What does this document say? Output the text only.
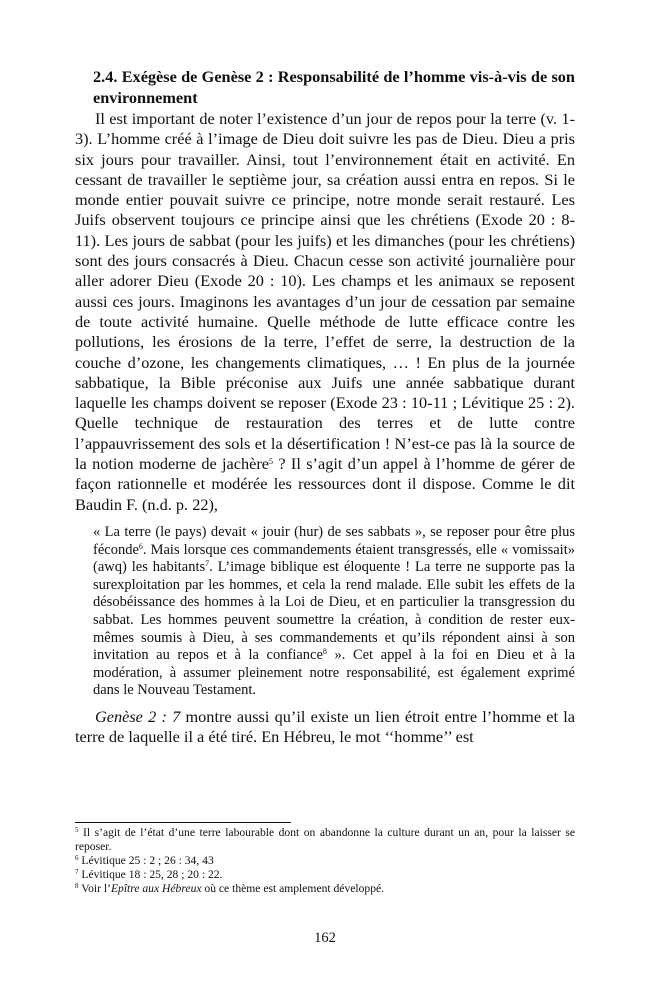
2.4. Exégèse de Genèse 2 : Responsabilité de l’homme vis-à-vis de son environnement

Il est important de noter l’existence d’un jour de repos pour la terre (v. 1-3). L’homme créé à l’image de Dieu doit suivre les pas de Dieu. Dieu a pris six jours pour travailler. Ainsi, tout l’environnement était en activité. En cessant de travailler le septième jour, sa création aussi entra en repos. Si le monde entier pouvait suivre ce principe, notre monde serait restauré. Les Juifs observent toujours ce principe ainsi que les chrétiens (Exode 20 : 8-11). Les jours de sabbat (pour les juifs) et les dimanches (pour les chrétiens) sont des jours consacrés à Dieu. Chacun cesse son activité journalière pour aller adorer Dieu (Exode 20 : 10). Les champs et les animaux se reposent aussi ces jours. Imaginons les avantages d’un jour de cessation par semaine de toute activité humaine. Quelle méthode de lutte efficace contre les pollutions, les érosions de la terre, l’effet de serre, la destruction de la couche d’ozone, les changements climatiques, … ! En plus de la journée sabbatique, la Bible préconise aux Juifs une année sabbatique durant laquelle les champs doivent se reposer (Exode 23 : 10-11 ; Lévitique 25 : 2). Quelle technique de restauration des terres et de lutte contre l’appauvrissement des sols et la désertification ! N’est-ce pas là la source de la notion moderne de jachère$^5$ ? Il s’agit d’un appel à l’homme de gérer de façon rationnelle et modérée les ressources dont il dispose. Comme le dit Baudin F. (n.d. p. 22),

« La terre (le pays) devait « jouir (hur) de ses sabbats », se reposer pour être plus féconde$^6$. Mais lorsque ces commandements étaient transgressés, elle « vomissait» (awq) les habitants$^7$. L’image biblique est éloquente ! La terre ne supporte pas la surexploitation par les hommes, et cela la rend malade. Elle subit les effets de la désobéissance des hommes à la Loi de Dieu, et en particulier la transgression du sabbat. Les hommes peuvent soumettre la création, à condition de rester eux-mêmes soumis à Dieu, à ses commandements et qu’ils répondent ainsi à son invitation au repos et à la confiance$^8$ ». Cet appel à la foi en Dieu et à la modération, à assumer pleinement notre responsabilité, est également exprimé dans le Nouveau Testament.

Genèse 2 : 7 montre aussi qu’il existe un lien étroit entre l’homme et la terre de laquelle il a été tiré. En Hébreu, le mot ‘‘homme’’ est

$^5$ Il s’agit de l’état d’une terre labourable dont on abandonne la culture durant un an, pour la laisser se reposer.

$^6$ Lévitique 25 : 2 ; 26 : 34, 43

$^7$ Lévitique 18 : 25, 28 ; 20 : 22.

$^8$ Voir l’Epître aux Hébreux où ce thème est amplement développé.

162
